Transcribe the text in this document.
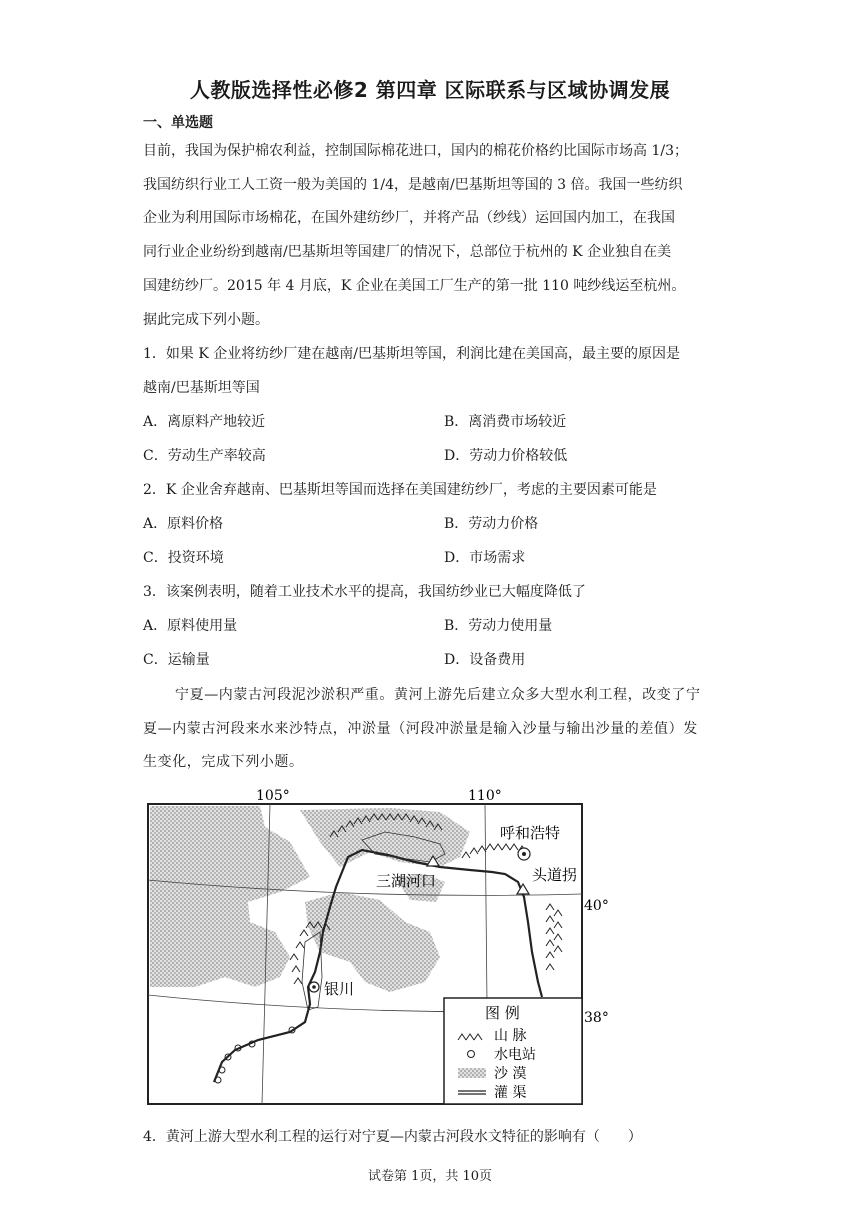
人教版选择性必修2 第四章 区际联系与区域协调发展
一、单选题
目前，我国为保护棉农利益，控制国际棉花进口，国内的棉花价格约比国际市场高 1/3；
我国纺织行业工人工资一般为美国的 1/4，是越南/巴基斯坦等国的 3 倍。我国一些纺织
企业为利用国际市场棉花，在国外建纺纱厂，并将产品（纱线）运回国内加工，在我国
同行业企业纷纷到越南/巴基斯坦等国建厂的情况下，总部位于杭州的 K 企业独自在美
国建纺纱厂。2015 年 4 月底，K 企业在美国工厂生产的第一批 110 吨纱线运至杭州。
据此完成下列小题。
1．如果 K 企业将纺纱厂建在越南/巴基斯坦等国，利润比建在美国高，最主要的原因是
越南/巴基斯坦等国
A．离原料产地较近	B．离消费市场较近
C．劳动生产率较高	D．劳动力价格较低
2．K 企业舍弃越南、巴基斯坦等国而选择在美国建纺纱厂，考虑的主要因素可能是
A．原料价格	B．劳动力价格
C．投资环境	D．市场需求
3．该案例表明，随着工业技术水平的提高，我国纺纱业已大幅度降低了
A．原料使用量	B．劳动力使用量
C．运输量	D．设备费用
宁夏—内蒙古河段泥沙淤积严重。黄河上游先后建立众多大型水利工程，改变了宁
夏—内蒙古河段来水来沙特点，冲淤量（河段冲淤量是输入沙量与输出沙量的差值）发
生变化，完成下列小题。
105°	110°
40°
38°
呼和浩特
三湖河口	头道拐
银川
图 例
山 脉
水电站
沙 漠
灌 渠
4．黄河上游大型水利工程的运行对宁夏—内蒙古河段水文特征的影响有（　　）
试卷第 1页，共 10页
